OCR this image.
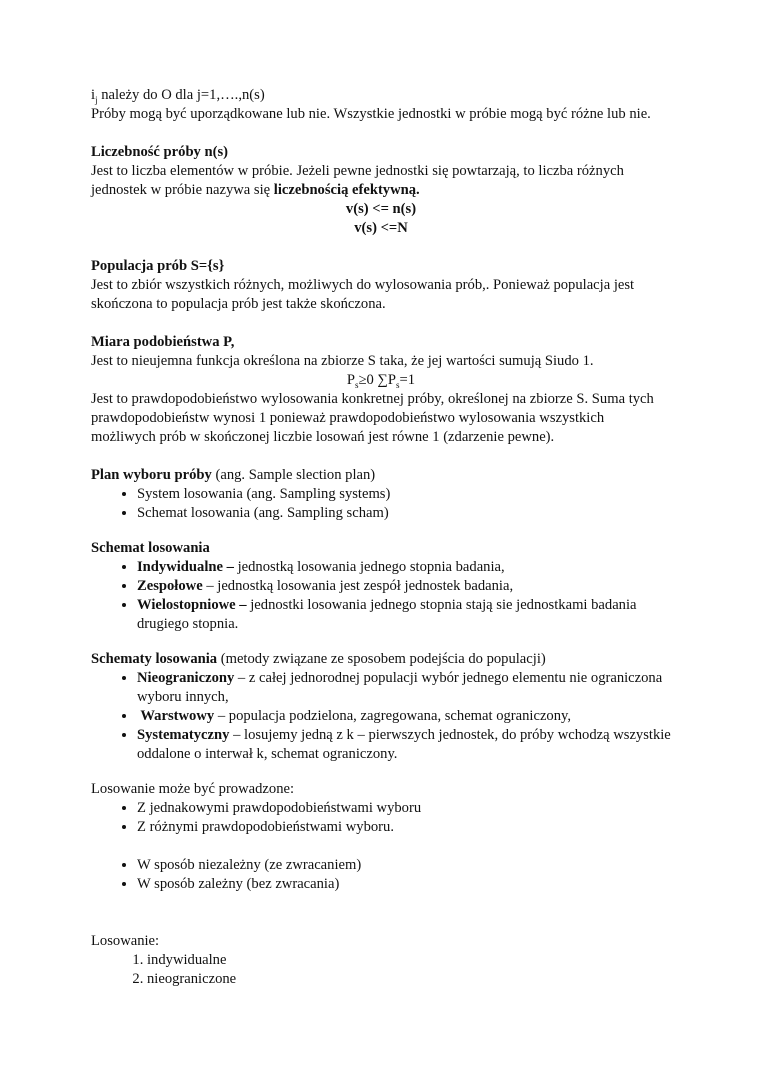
$i_j$ należy do O dla j=1,….,n(s)

Próby mogą być uporządkowane lub nie. Wszystkie jednostki w próbie mogą być różne lub nie.

Liczebność próby n(s)

Jest to liczba elementów w próbie. Jeżeli pewne jednostki się powtarzają, to liczba różnych jednostek w próbie nazywa się liczebnością efektywną.

v(s) <= n(s)

v(s) <=N

Populacja prób S={s}

Jest to zbiór wszystkich różnych, możliwych do wylosowania prób,. Ponieważ populacja jest skończona to populacja prób jest także skończona.

Miara podobieństwa P,

Jest to nieujemna funkcja określona na zbiorze S taka, że jej wartości sumują Siudo 1.

$P_s\ge 0$ $\sum P_s=1$

Jest to prawdopodobieństwo wylosowania konkretnej próby, określonej na zbiorze S. Suma tych prawdopodobieństw wynosi 1 ponieważ prawdopodobieństwo wylosowania wszystkich możliwych prób w skończonej liczbie losowań jest równe 1 (zdarzenie pewne).

Plan wyboru próby (ang. Sample slection plan)

• System losowania (ang. Sampling systems)
• Schemat losowania (ang. Sampling scham)

Schemat losowania

• Indywidualne – jednostką losowania jednego stopnia badania,
• Zespołowe – jednostką losowania jest zespół jednostek badania,
• Wielostopniowe – jednostki losowania jednego stopnia stają sie jednostkami badania drugiego stopnia.

Schematy losowania (metody związane ze sposobem podejścia do populacji)

• Nieograniczony – z całej jednorodnej populacji wybór jednego elementu nie ograniczona wyboru innych,
•  Warstwowy – populacja podzielona, zagregowana, schemat ograniczony,
• Systematyczny – losujemy jedną z k – pierwszych jednostek, do próby wchodzą wszystkie oddalone o interwał k, schemat ograniczony.

Losowanie może być prowadzone:

• Z jednakowymi prawdopodobieństwami wyboru
• Z różnymi prawdopodobieństwami wyboru.
• W sposób niezależny (ze zwracaniem)
• W sposób zależny (bez zwracania)

Losowanie:

1. indywidualne
2. nieograniczone
